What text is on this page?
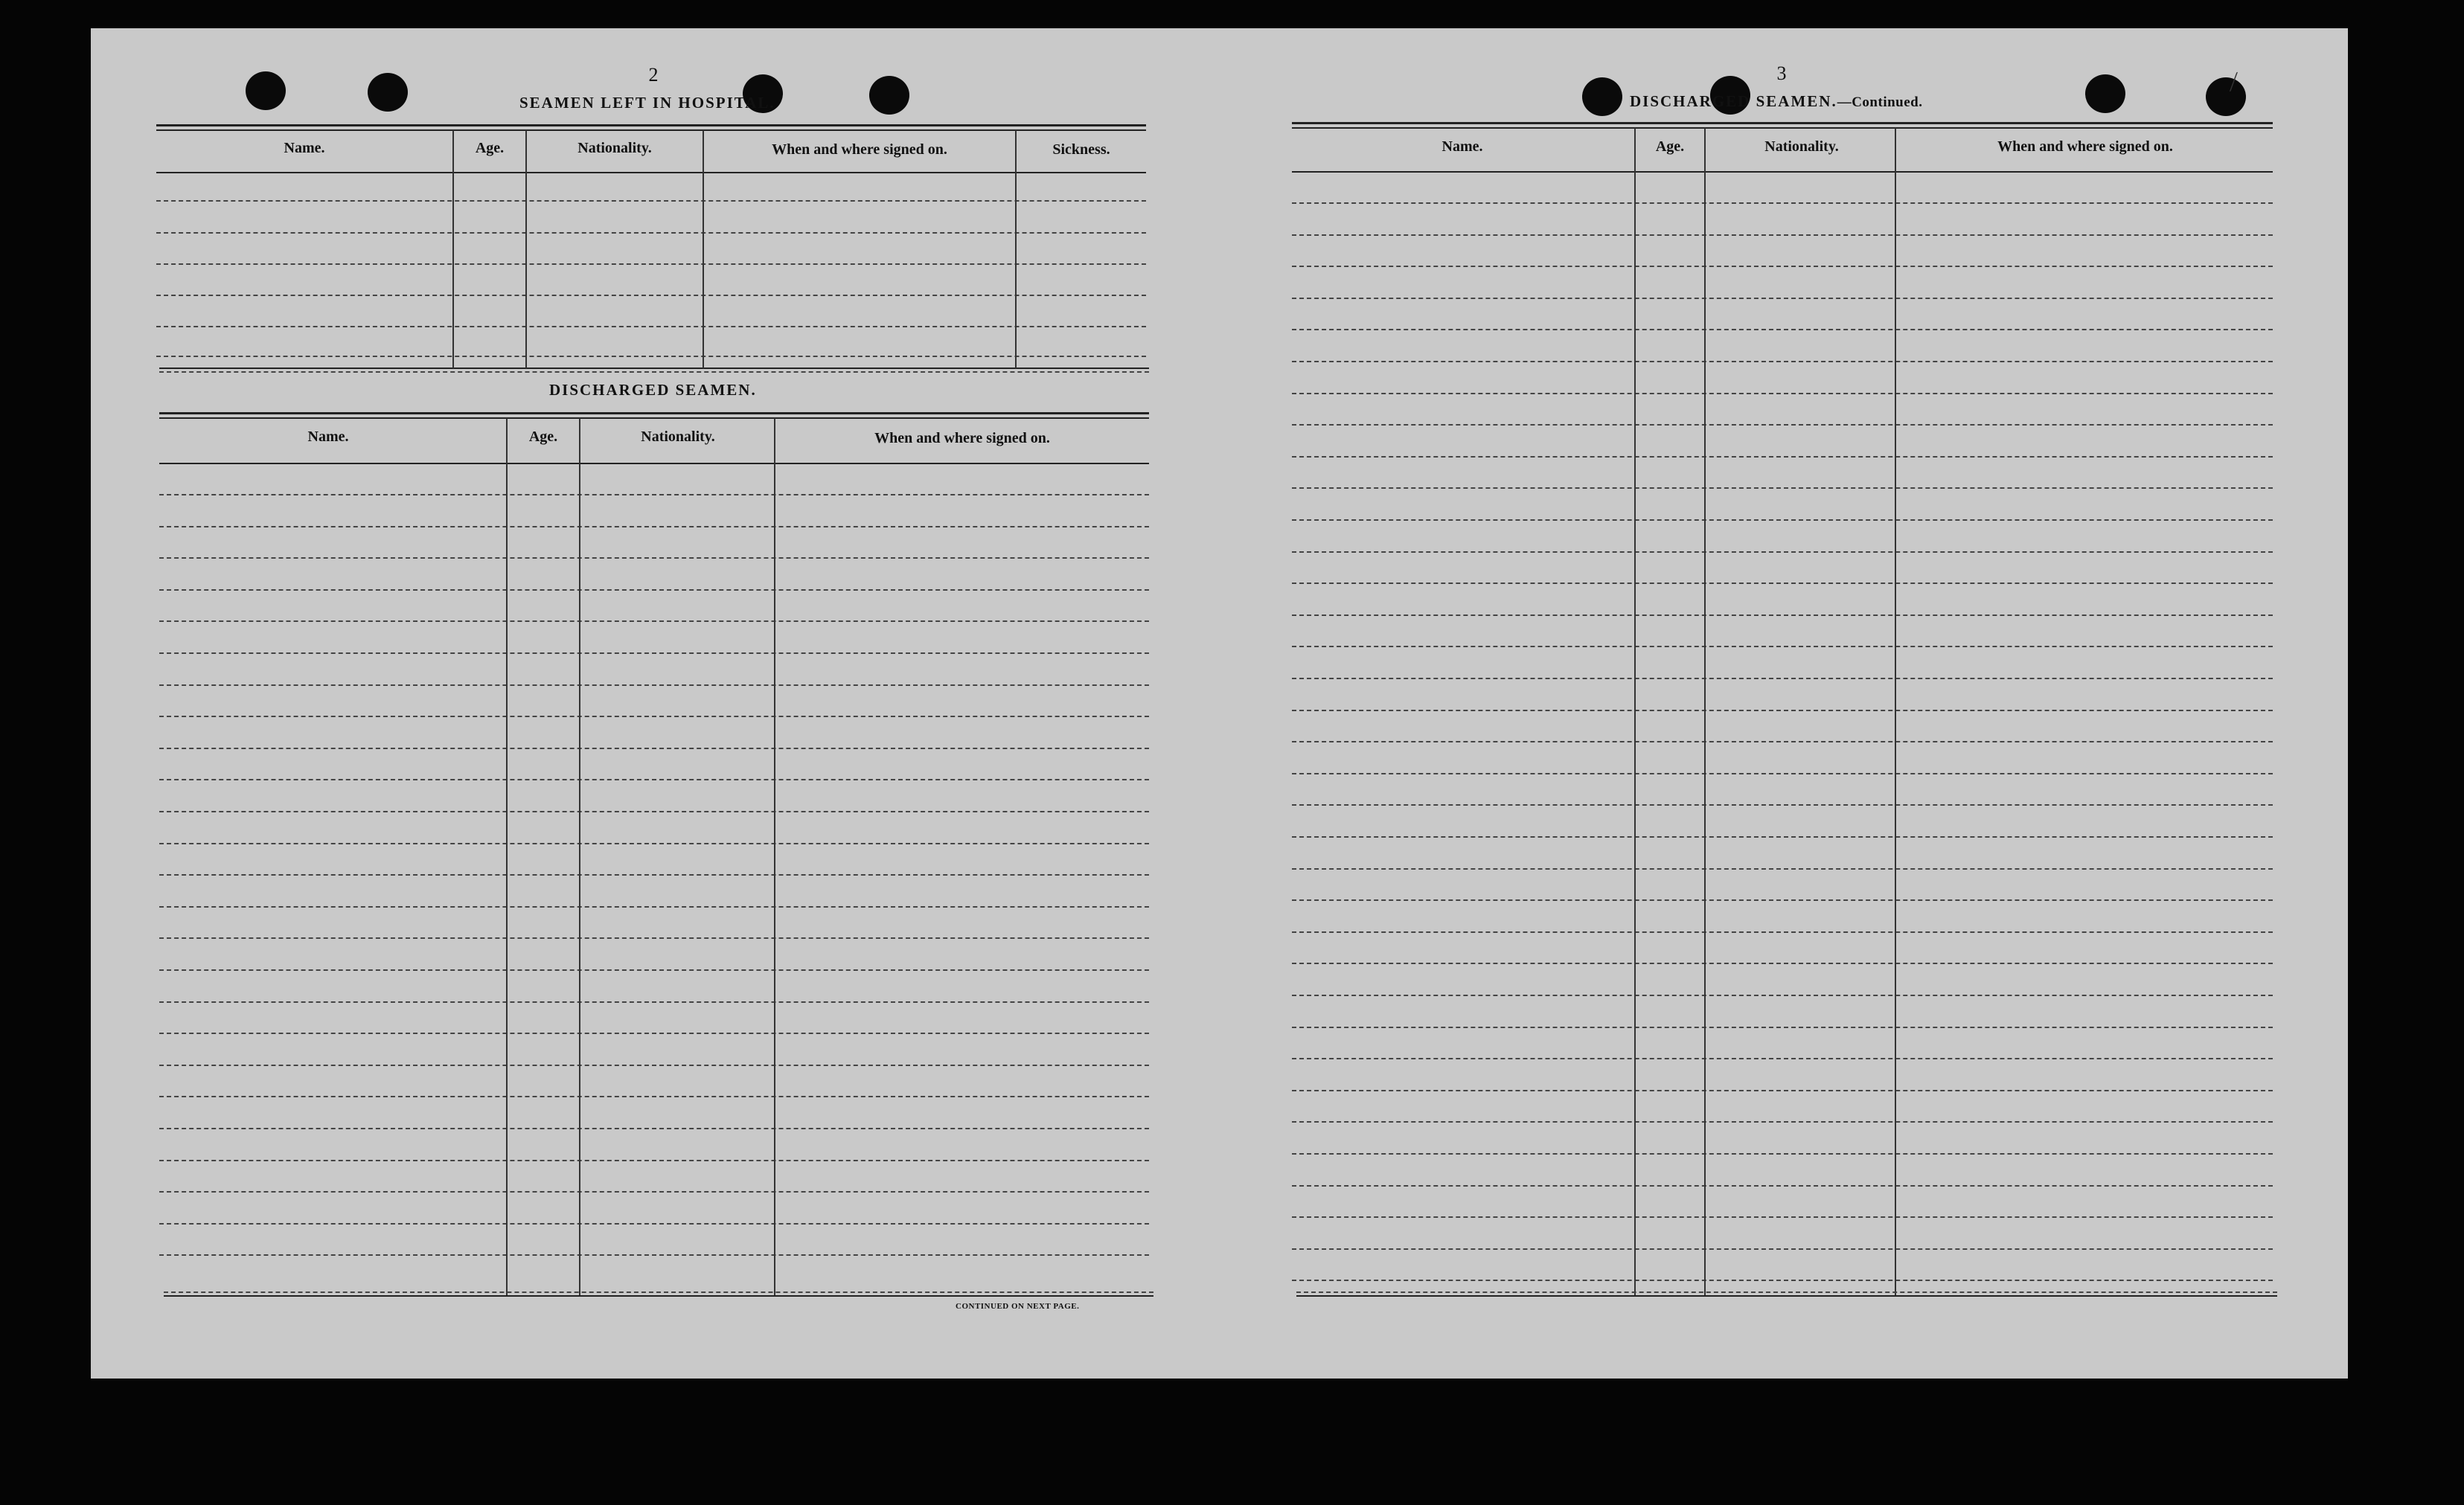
2
SEAMEN LEFT IN HOSPITAL.
Name.	Age.	Nationality.	When and where signed on.	Sickness.
DISCHARGED SEAMEN.
Name.	Age.	Nationality.	When and where signed on.
CONTINUED ON NEXT PAGE.
3
DISCHARGED SEAMEN.—Continued.
Name.	Age.	Nationality.	When and where signed on.
⟋
